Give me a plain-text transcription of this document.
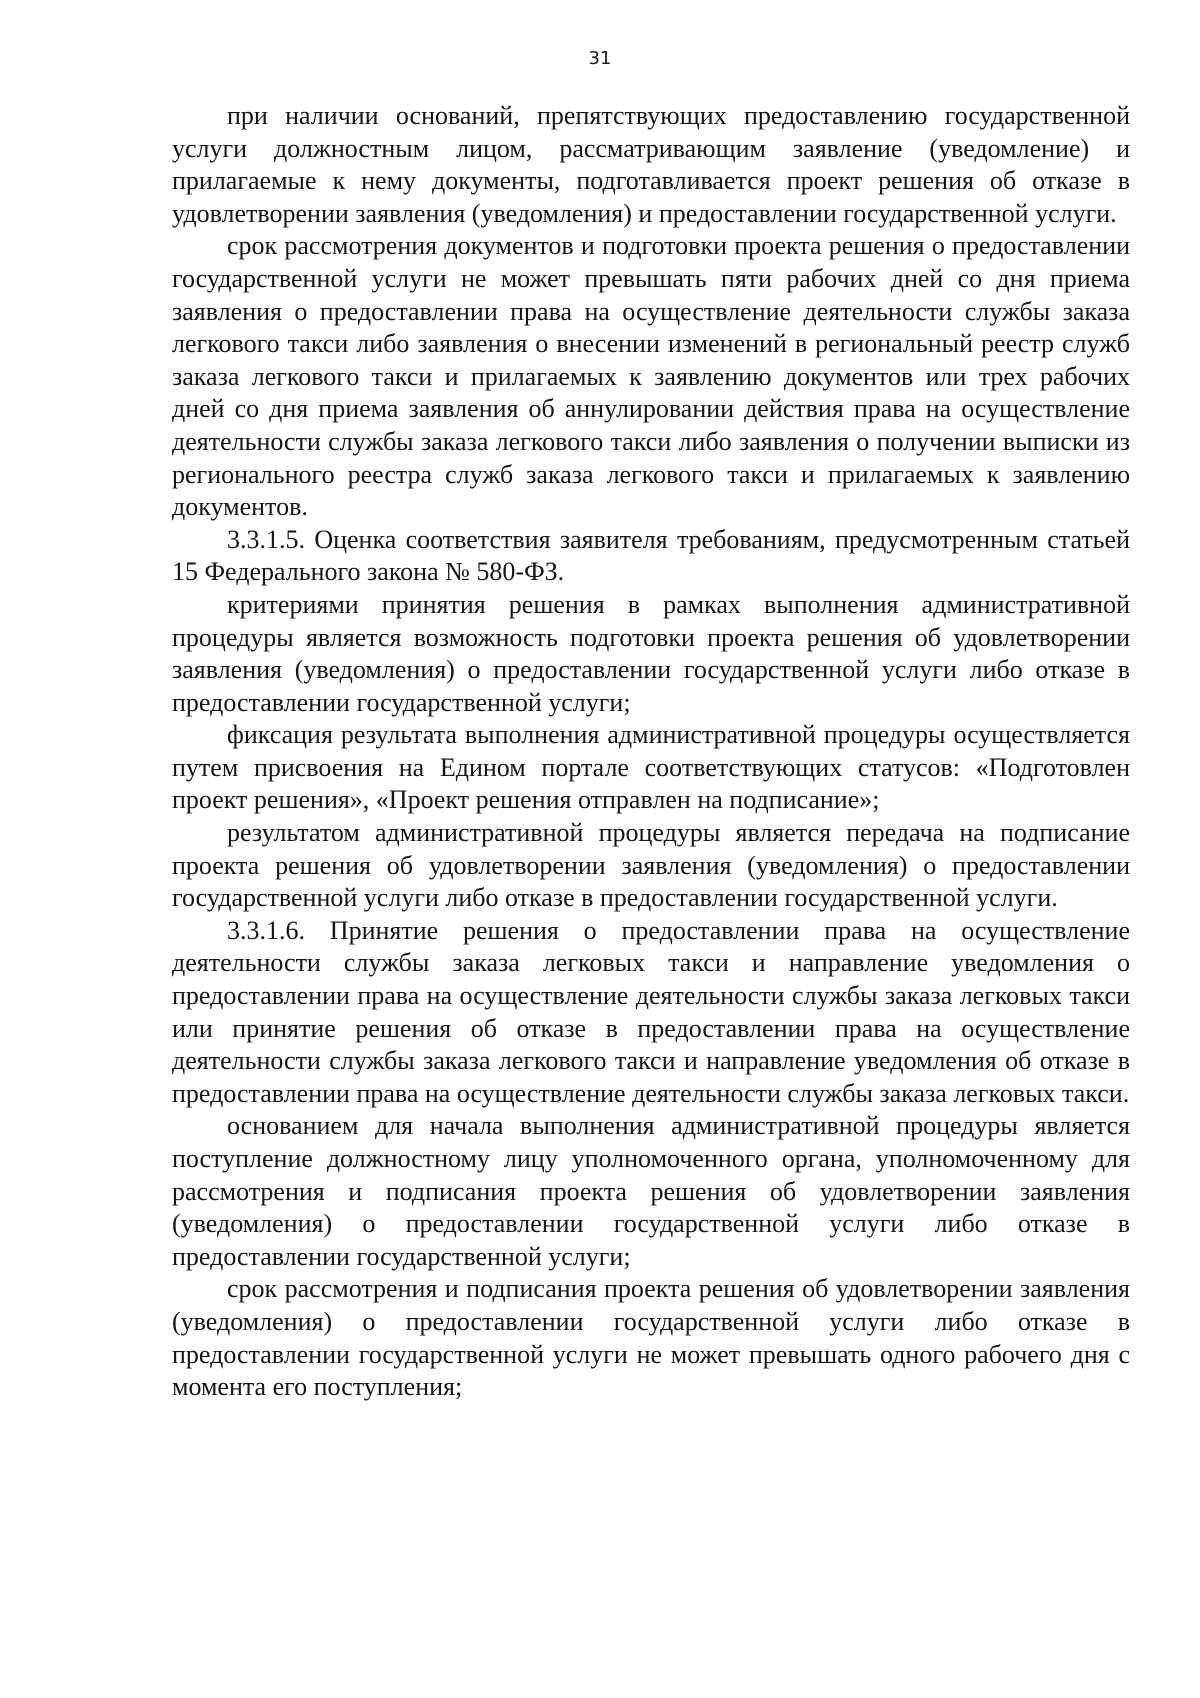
31

при наличии оснований, препятствующих предоставлению государственной услуги должностным лицом, рассматривающим заявление (уведомление) и прилагаемые к нему документы, подготавливается проект решения об отказе в удовлетворении заявления (уведомления) и предоставлении государственной услуги.

срок рассмотрения документов и подготовки проекта решения о предоставлении государственной услуги не может превышать пяти рабочих дней со дня приема заявления о предоставлении права на осуществление деятельности службы заказа легкового такси либо заявления о внесении изменений в региональный реестр служб заказа легкового такси и прилагаемых к заявлению документов или трех рабочих дней со дня приема заявления об аннулировании действия права на осуществление деятельности службы заказа легкового такси либо заявления о получении выписки из регионального реестра служб заказа легкового такси и прилагаемых к заявлению документов.

3.3.1.5. Оценка соответствия заявителя требованиям, предусмотренным статьей 15 Федерального закона № 580-ФЗ.

критериями принятия решения в рамках выполнения административной процедуры является возможность подготовки проекта решения об удовлетворении заявления (уведомления) о предоставлении государственной услуги либо отказе в предоставлении государственной услуги;

фиксация результата выполнения административной процедуры осуществляется путем присвоения на Едином портале соответствующих статусов: «Подготовлен проект решения», «Проект решения отправлен на подписание»;

результатом административной процедуры является передача на подписание проекта решения об удовлетворении заявления (уведомления) о предоставлении государственной услуги либо отказе в предоставлении государственной услуги.

3.3.1.6. Принятие решения о предоставлении права на осуществление деятельности службы заказа легковых такси и направление уведомления о предоставлении права на осуществление деятельности службы заказа легковых такси или принятие решения об отказе в предоставлении права на осуществление деятельности службы заказа легкового такси и направление уведомления об отказе в предоставлении права на осуществление деятельности службы заказа легковых такси.

основанием для начала выполнения административной процедуры является поступление должностному лицу уполномоченного органа, уполномоченному для рассмотрения и подписания проекта решения об удовлетворении заявления (уведомления) о предоставлении государственной услуги либо отказе в предоставлении государственной услуги;

срок рассмотрения и подписания проекта решения об удовлетворении заявления (уведомления) о предоставлении государственной услуги либо отказе в предоставлении государственной услуги не может превышать одного рабочего дня с момента его поступления;
